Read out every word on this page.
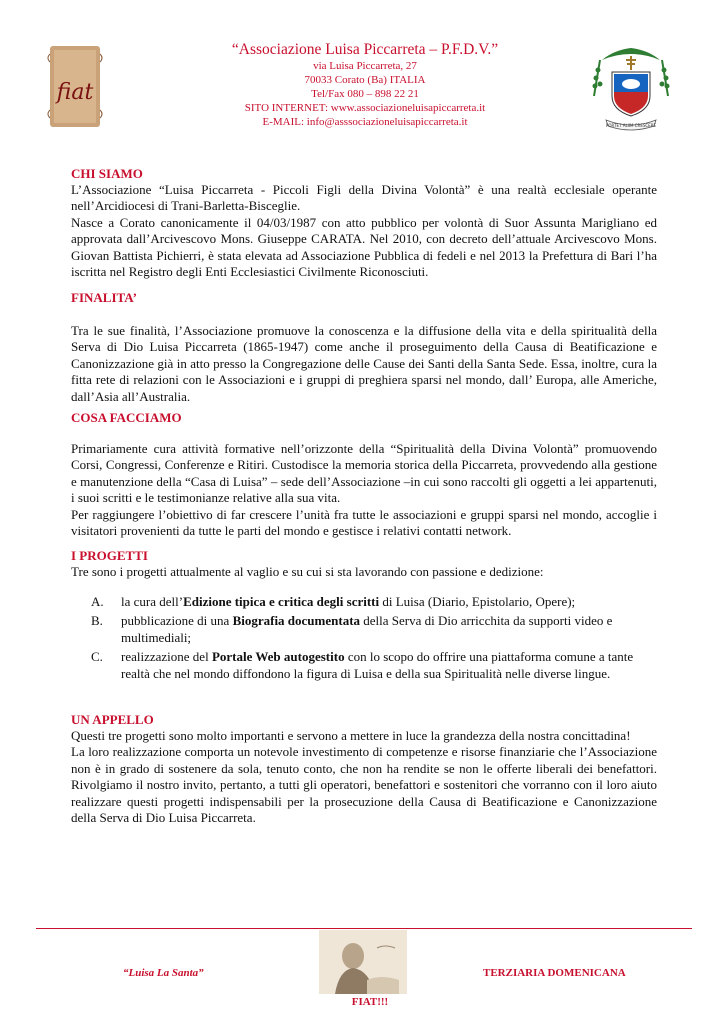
fiat
“Associazione Luisa Piccarreta – P.F.D.V.”
via Luisa Piccarreta, 27
70033 Corato (Ba) ITALIA
Tel/Fax 080 – 898 22 21
SITO INTERNET: www.associazioneluisapiccarreta.it
E-MAIL: info@asssociazioneluisapiccarreta.it	PORTET ALIIM CRESCERE
CHI SIAMO

L’Associazione “Luisa Piccarreta - Piccoli Figli della Divina Volontà” è una realtà ecclesiale operante nell’Arcidiocesi di Trani-Barletta-Bisceglie.

Nasce a Corato canonicamente il 04/03/1987 con atto pubblico per volontà di Suor Assunta Marigliano ed approvata dall’Arcivescovo Mons. Giuseppe CARATA. Nel 2010, con decreto dell’attuale Arcivescovo Mons. Giovan Battista Pichierri, è stata elevata ad Associazione Pubblica di fedeli e nel 2013 la Prefettura di Bari l’ha iscritta nel Registro degli Enti Ecclesiastici Civilmente Riconosciuti.

FINALITA’

Tra le sue finalità, l’Associazione promuove la conoscenza e la diffusione della vita e della spiritualità della Serva di Dio Luisa Piccarreta (1865-1947) come anche il proseguimento della Causa di Beatificazione e Canonizzazione già in atto presso la Congregazione delle Cause dei Santi della Santa Sede. Essa, inoltre, cura la fitta rete di relazioni con le Associazioni e i gruppi di preghiera sparsi nel mondo, dall’ Europa, alle Americhe, dall’Asia all’Australia.

COSA FACCIAMO

Primariamente cura attività formative nell’orizzonte della “Spiritualità della Divina Volontà” promuovendo Corsi, Congressi, Conferenze e Ritiri. Custodisce la memoria storica della Piccarreta, provvedendo alla gestione e manutenzione della “Casa di Luisa” – sede dell’Associazione –in cui sono raccolti gli oggetti a lei appartenuti, i suoi scritti e le testimonianze relative alla sua vita.

Per raggiungere l’obiettivo di far crescere l’unità fra tutte le associazioni e gruppi sparsi nel mondo, accoglie i visitatori provenienti da tutte le parti del mondo e gestisce i relativi contatti network.

I PROGETTI

Tre sono i progetti attualmente al vaglio e su cui si sta lavorando con passione e dedizione:

A. la cura dell’Edizione tipica e critica degli scritti di Luisa (Diario, Epistolario, Opere);
B. pubblicazione di una Biografia documentata della Serva di Dio arricchita da supporti video e multimediali;
C. realizzazione del Portale Web autogestito con lo scopo do offrire una piattaforma comune a tante realtà che nel mondo diffondono la figura di Luisa e della sua Spiritualità nelle diverse lingue.
UN APPELLO

Questi tre progetti sono molto importanti e servono a mettere in luce la grandezza della nostra concittadina!

La loro realizzazione comporta un notevole investimento di competenze e risorse finanziarie che l’Associazione non è in grado di sostenere da sola, tenuto conto, che non ha rendite se non le offerte liberali dei benefattori. Rivolgiamo il nostro invito, pertanto, a tutti gli operatori, benefattori e sostenitori che vorranno con il loro aiuto realizzare questi progetti indispensabili per la prosecuzione della Causa di Beatificazione e Canonizzazione della Serva di Dio Luisa Piccarreta.

“Luisa La Santa”	TERZIARIA DOMENICANA
FIAT!!!
